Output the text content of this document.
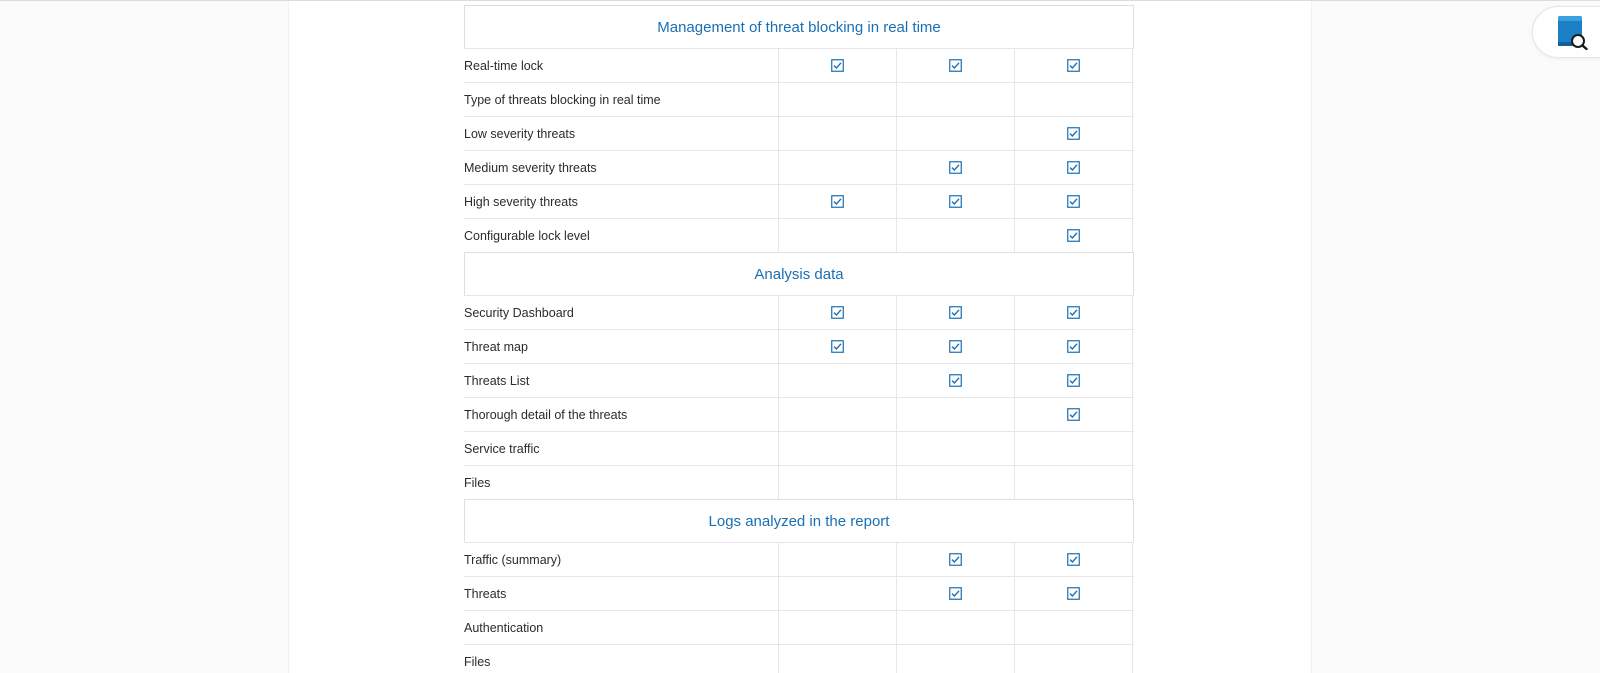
Management of threat blocking in real time
Real-time lock
Type of threats blocking in real time
Low severity threats
Medium severity threats
High severity threats
Configurable lock level
Analysis data
Security Dashboard
Threat map
Threats List
Thorough detail of the threats
Service traffic
Files
Logs analyzed in the report
Traffic (summary)
Threats
Authentication
Files
